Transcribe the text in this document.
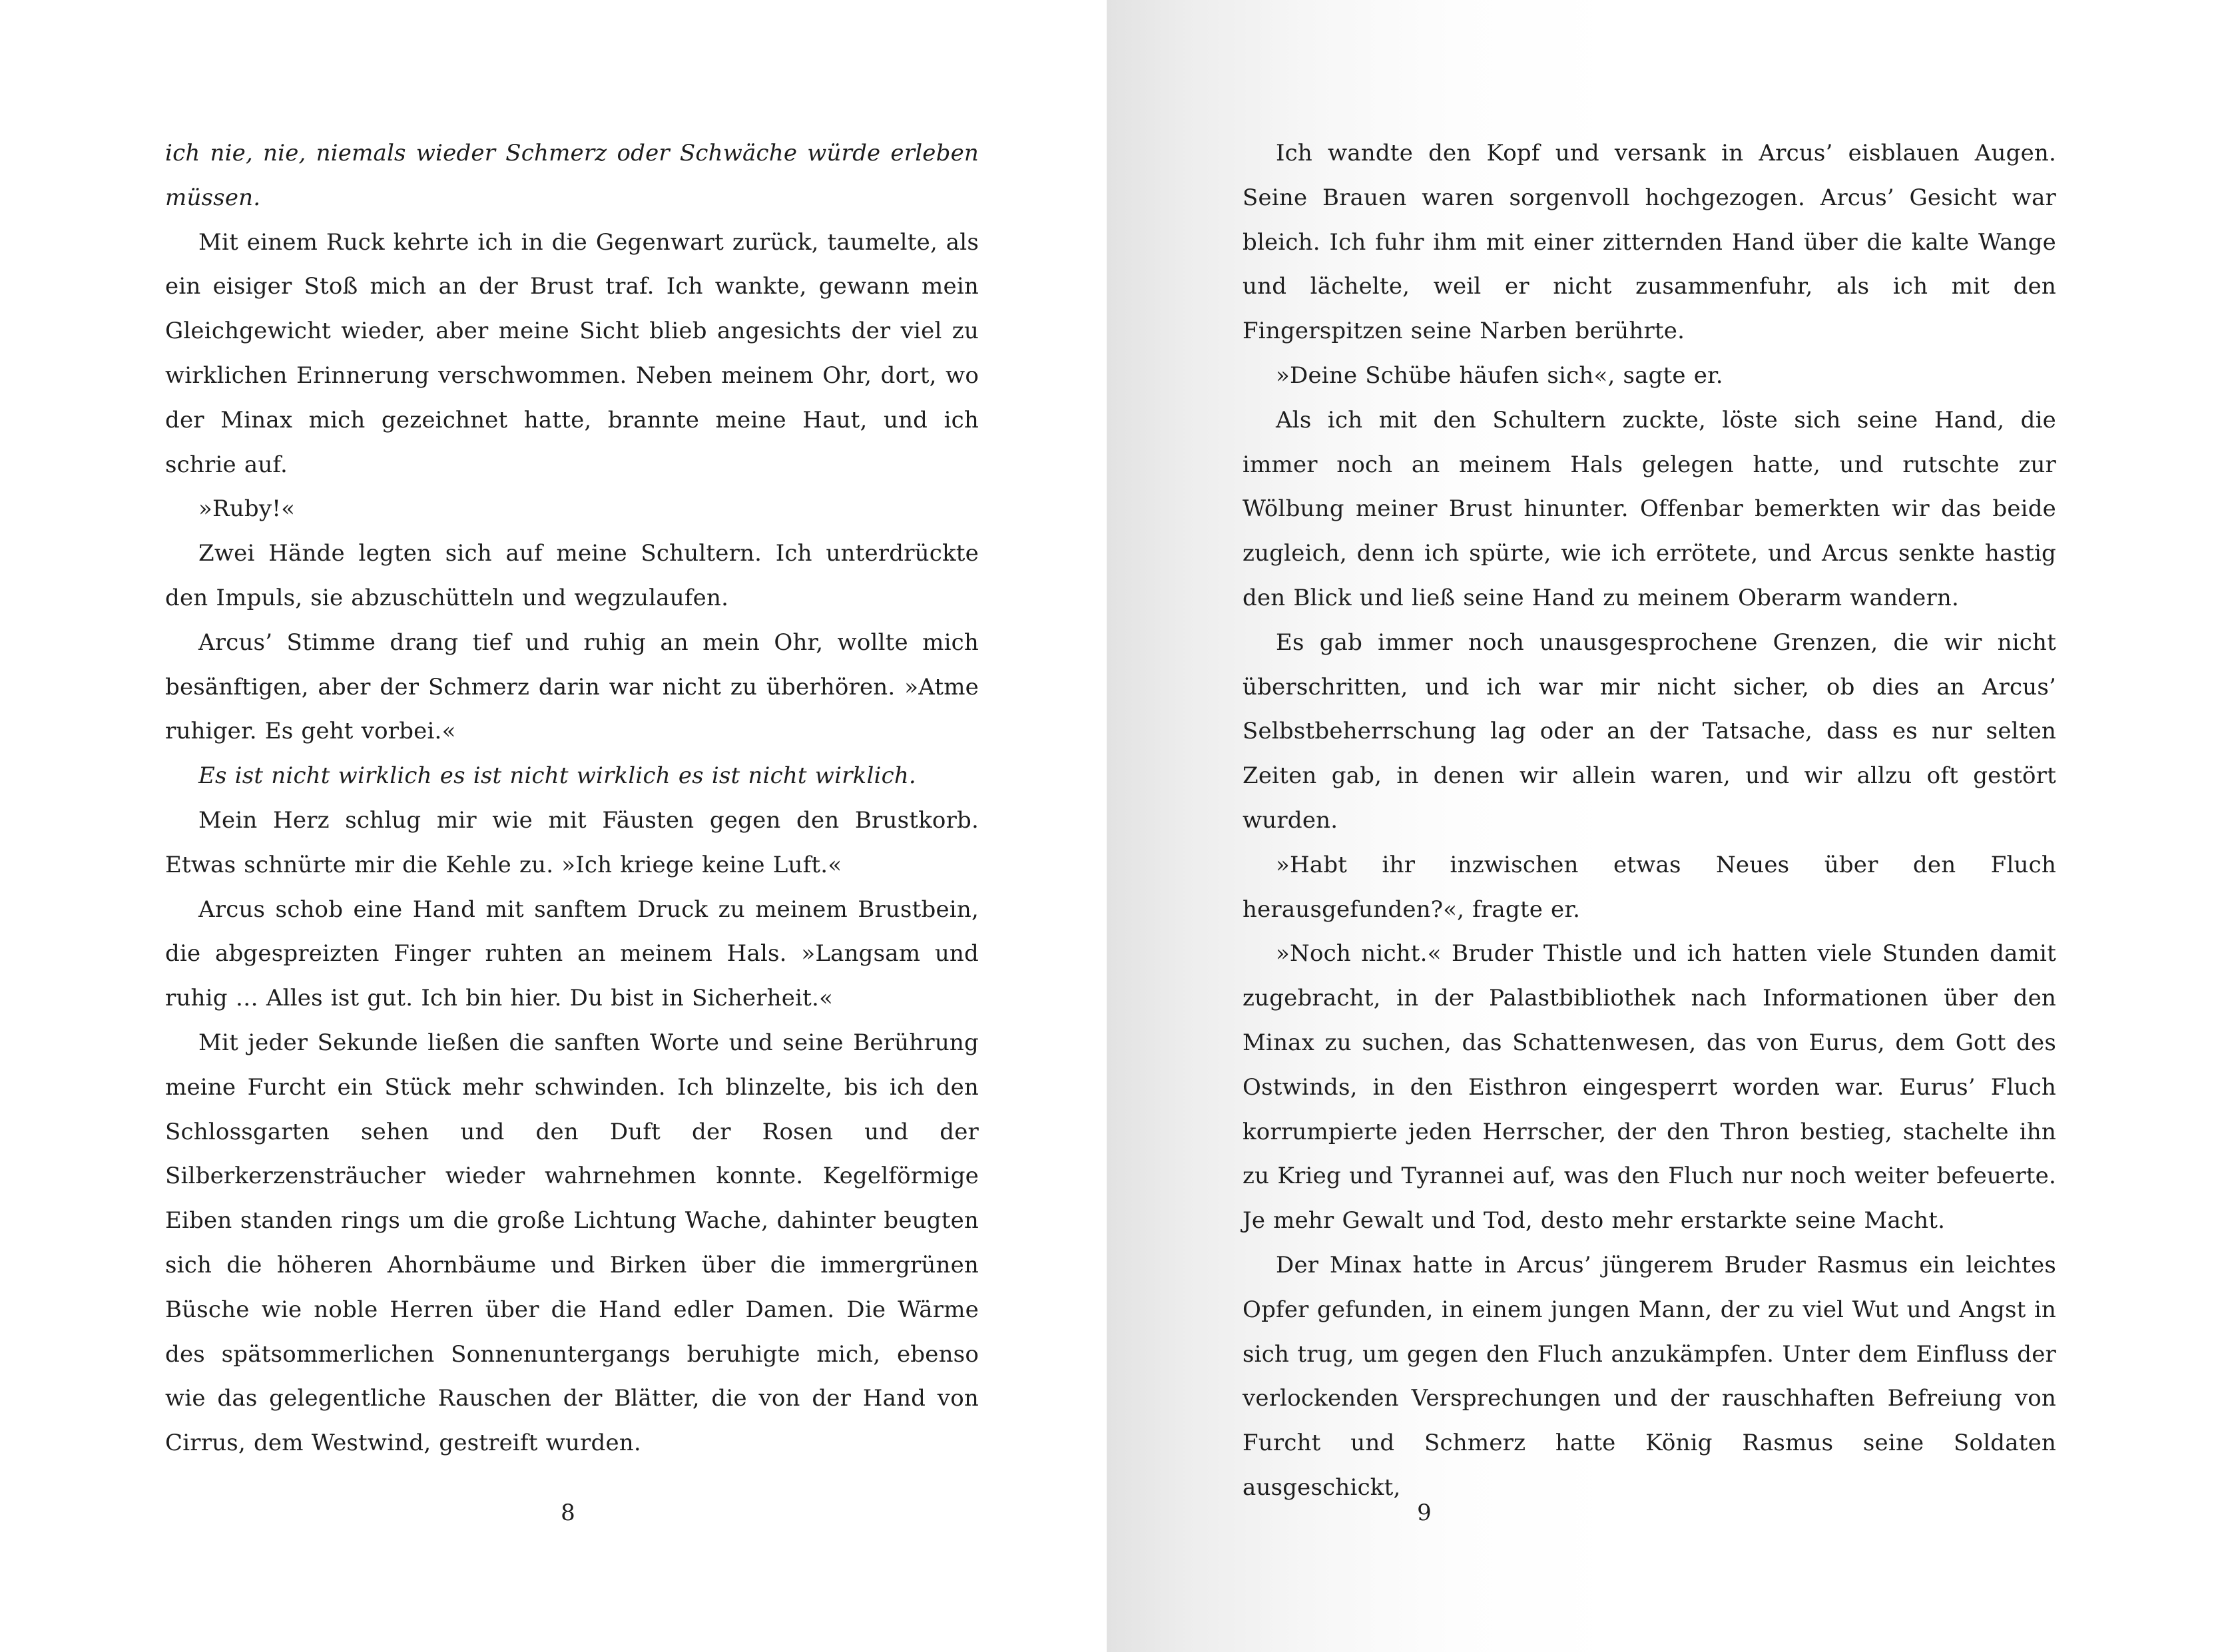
ich nie, nie, niemals wieder Schmerz oder Schwäche würde erleben müssen.

Mit einem Ruck kehrte ich in die Gegenwart zurück, taumelte, als ein eisiger Stoß mich an der Brust traf. Ich wankte, gewann mein Gleichgewicht wieder, aber meine Sicht blieb angesichts der viel zu wirklichen Erinnerung verschwommen. Neben meinem Ohr, dort, wo der Minax mich gezeichnet hatte, brannte meine Haut, und ich schrie auf.

»Ruby!«

Zwei Hände legten sich auf meine Schultern. Ich unterdrückte den Impuls, sie abzuschütteln und wegzulaufen.

Arcus’ Stimme drang tief und ruhig an mein Ohr, wollte mich besänftigen, aber der Schmerz darin war nicht zu überhören. »Atme ruhiger. Es geht vorbei.«

Es ist nicht wirklich es ist nicht wirklich es ist nicht wirklich.

Mein Herz schlug mir wie mit Fäusten gegen den Brustkorb. Etwas schnürte mir die Kehle zu. »Ich kriege keine Luft.«

Arcus schob eine Hand mit sanftem Druck zu meinem Brustbein, die abgespreizten Finger ruhten an meinem Hals. »Langsam und ruhig … Alles ist gut. Ich bin hier. Du bist in Sicherheit.«

Mit jeder Sekunde ließen die sanften Worte und seine Berührung meine Furcht ein Stück mehr schwinden. Ich blinzelte, bis ich den Schlossgarten sehen und den Duft der Rosen und der Silberkerzensträucher wieder wahrnehmen konnte. Kegelförmige Eiben standen rings um die große Lichtung Wache, dahinter beugten sich die höheren Ahornbäume und Birken über die immergrünen Büsche wie noble Herren über die Hand edler Damen. Die Wärme des spätsommerlichen Sonnenuntergangs beruhigte mich, ebenso wie das gelegentliche Rauschen der Blätter, die von der Hand von Cirrus, dem Westwind, gestreift wurden.

8

Ich wandte den Kopf und versank in Arcus’ eisblauen Augen. Seine Brauen waren sorgenvoll hochgezogen. Arcus’ Gesicht war bleich. Ich fuhr ihm mit einer zitternden Hand über die kalte Wange und lächelte, weil er nicht zusammenfuhr, als ich mit den Fingerspitzen seine Narben berührte.

»Deine Schübe häufen sich«, sagte er.

Als ich mit den Schultern zuckte, löste sich seine Hand, die immer noch an meinem Hals gelegen hatte, und rutschte zur Wölbung meiner Brust hinunter. Offenbar bemerkten wir das beide zugleich, denn ich spürte, wie ich errötete, und Arcus senkte hastig den Blick und ließ seine Hand zu meinem Oberarm wandern.

Es gab immer noch unausgesprochene Grenzen, die wir nicht überschritten, und ich war mir nicht sicher, ob dies an Arcus’ Selbstbeherrschung lag oder an der Tatsache, dass es nur selten Zeiten gab, in denen wir allein waren, und wir allzu oft gestört wurden.

»Habt ihr inzwischen etwas Neues über den Fluch herausgefunden?«, fragte er.

»Noch nicht.« Bruder Thistle und ich hatten viele Stunden damit zugebracht, in der Palastbibliothek nach Informationen über den Minax zu suchen, das Schattenwesen, das von Eurus, dem Gott des Ostwinds, in den Eisthron eingesperrt worden war. Eurus’ Fluch korrumpierte jeden Herrscher, der den Thron bestieg, stachelte ihn zu Krieg und Tyrannei auf, was den Fluch nur noch weiter befeuerte. Je mehr Gewalt und Tod, desto mehr erstarkte seine Macht.

Der Minax hatte in Arcus’ jüngerem Bruder Rasmus ein leichtes Opfer gefunden, in einem jungen Mann, der zu viel Wut und Angst in sich trug, um gegen den Fluch anzukämpfen. Unter dem Einfluss der verlockenden Versprechungen und der rauschhaften Befreiung von Furcht und Schmerz hatte König Rasmus seine Soldaten ausgeschickt,

9
